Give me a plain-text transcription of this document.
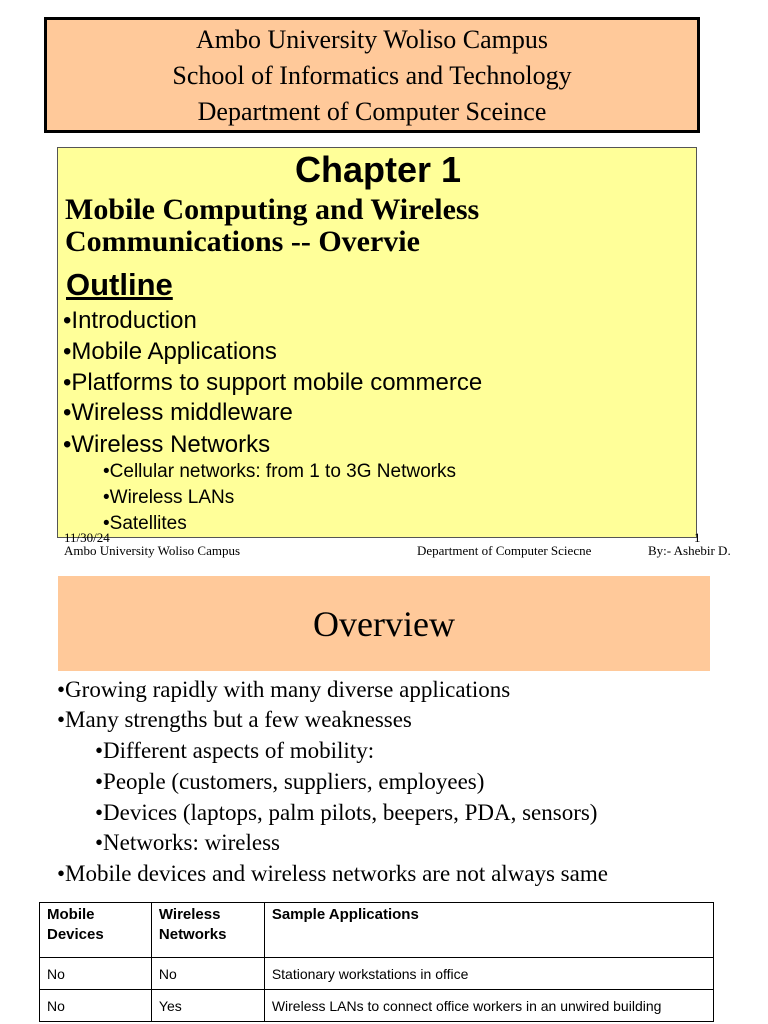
Ambo University Woliso Campus
School of Informatics and Technology
Department of Computer Sceince
Chapter 1
Mobile Computing and Wireless Communications -- Overvie
Outline
•Introduction
•Mobile Applications
•Platforms to support mobile commerce
•Wireless middleware
•Wireless Networks
•Cellular networks: from 1 to 3G Networks
•Wireless LANs
•Satellites
11/30/24	1
Ambo University Woliso Campus	Department of Computer Sciecne	By:- Ashebir D.
Overview
•Growing rapidly with many diverse applications
•Many strengths but a few weaknesses
•Different aspects of mobility:
•People (customers, suppliers, employees)
•Devices (laptops, palm pilots, beepers, PDA, sensors)
•Networks: wireless
•Mobile devices and wireless networks are not always same
Mobile Devices	Wireless Networks	Sample Applications
No	No	Stationary workstations in office
No	Yes	Wireless LANs to connect office workers in an unwired building
